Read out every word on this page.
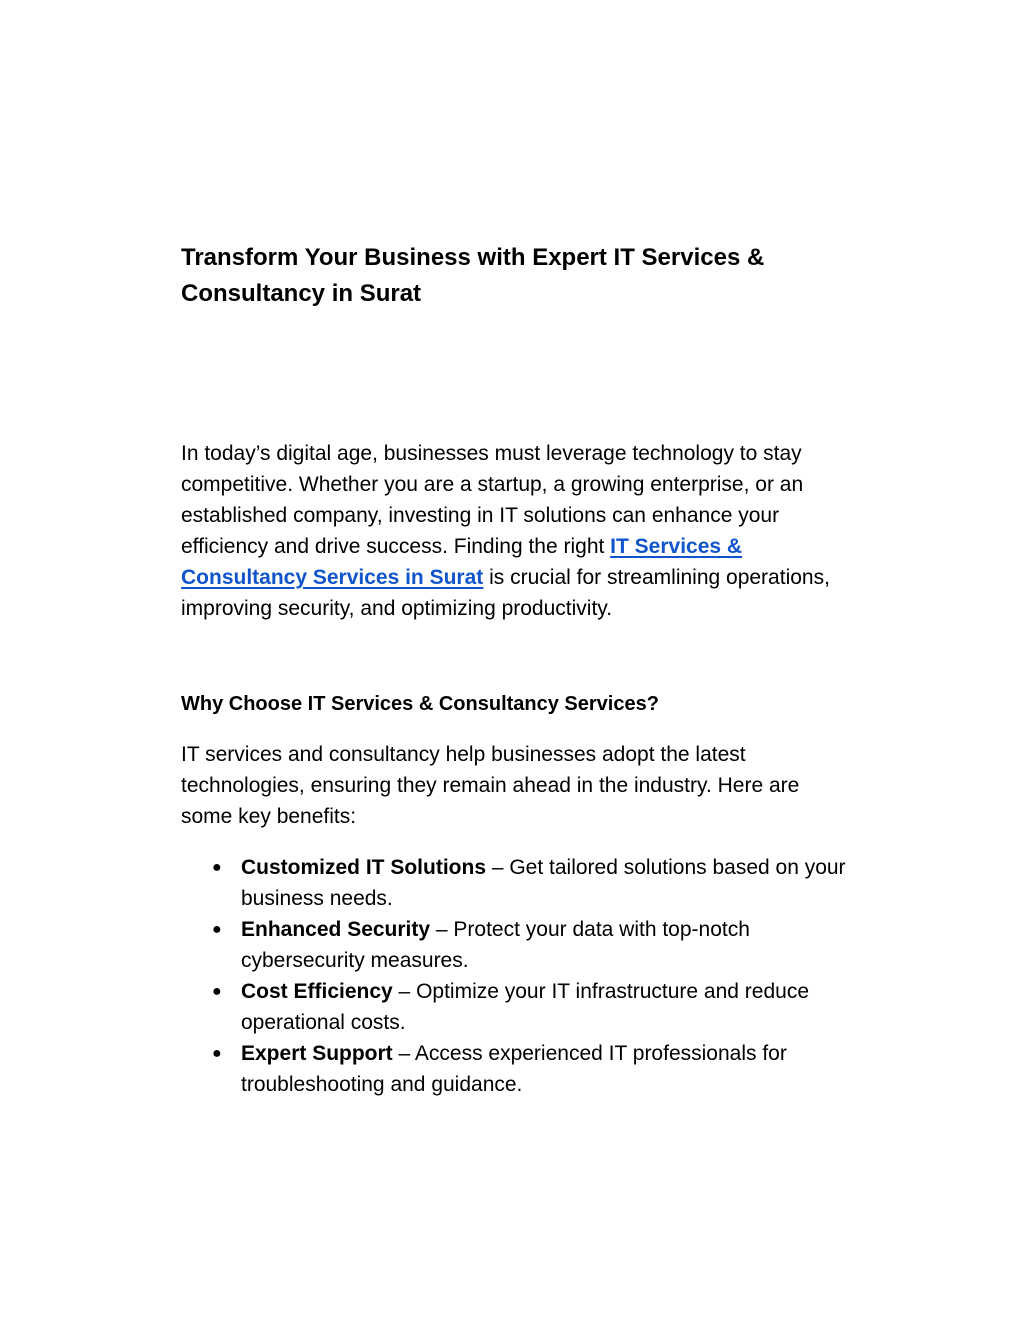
Transform Your Business with Expert IT Services & Consultancy in Surat

In today’s digital age, businesses must leverage technology to stay competitive. Whether you are a startup, a growing enterprise, or an established company, investing in IT solutions can enhance your efficiency and drive success. Finding the right IT Services & Consultancy Services in Surat is crucial for streamlining operations, improving security, and optimizing productivity.

Why Choose IT Services & Consultancy Services?

IT services and consultancy help businesses adopt the latest technologies, ensuring they remain ahead in the industry. Here are some key benefits:

● Customized IT Solutions – Get tailored solutions based on your business needs.
● Enhanced Security – Protect your data with top-notch cybersecurity measures.
● Cost Efficiency – Optimize your IT infrastructure and reduce operational costs.
● Expert Support – Access experienced IT professionals for troubleshooting and guidance.
